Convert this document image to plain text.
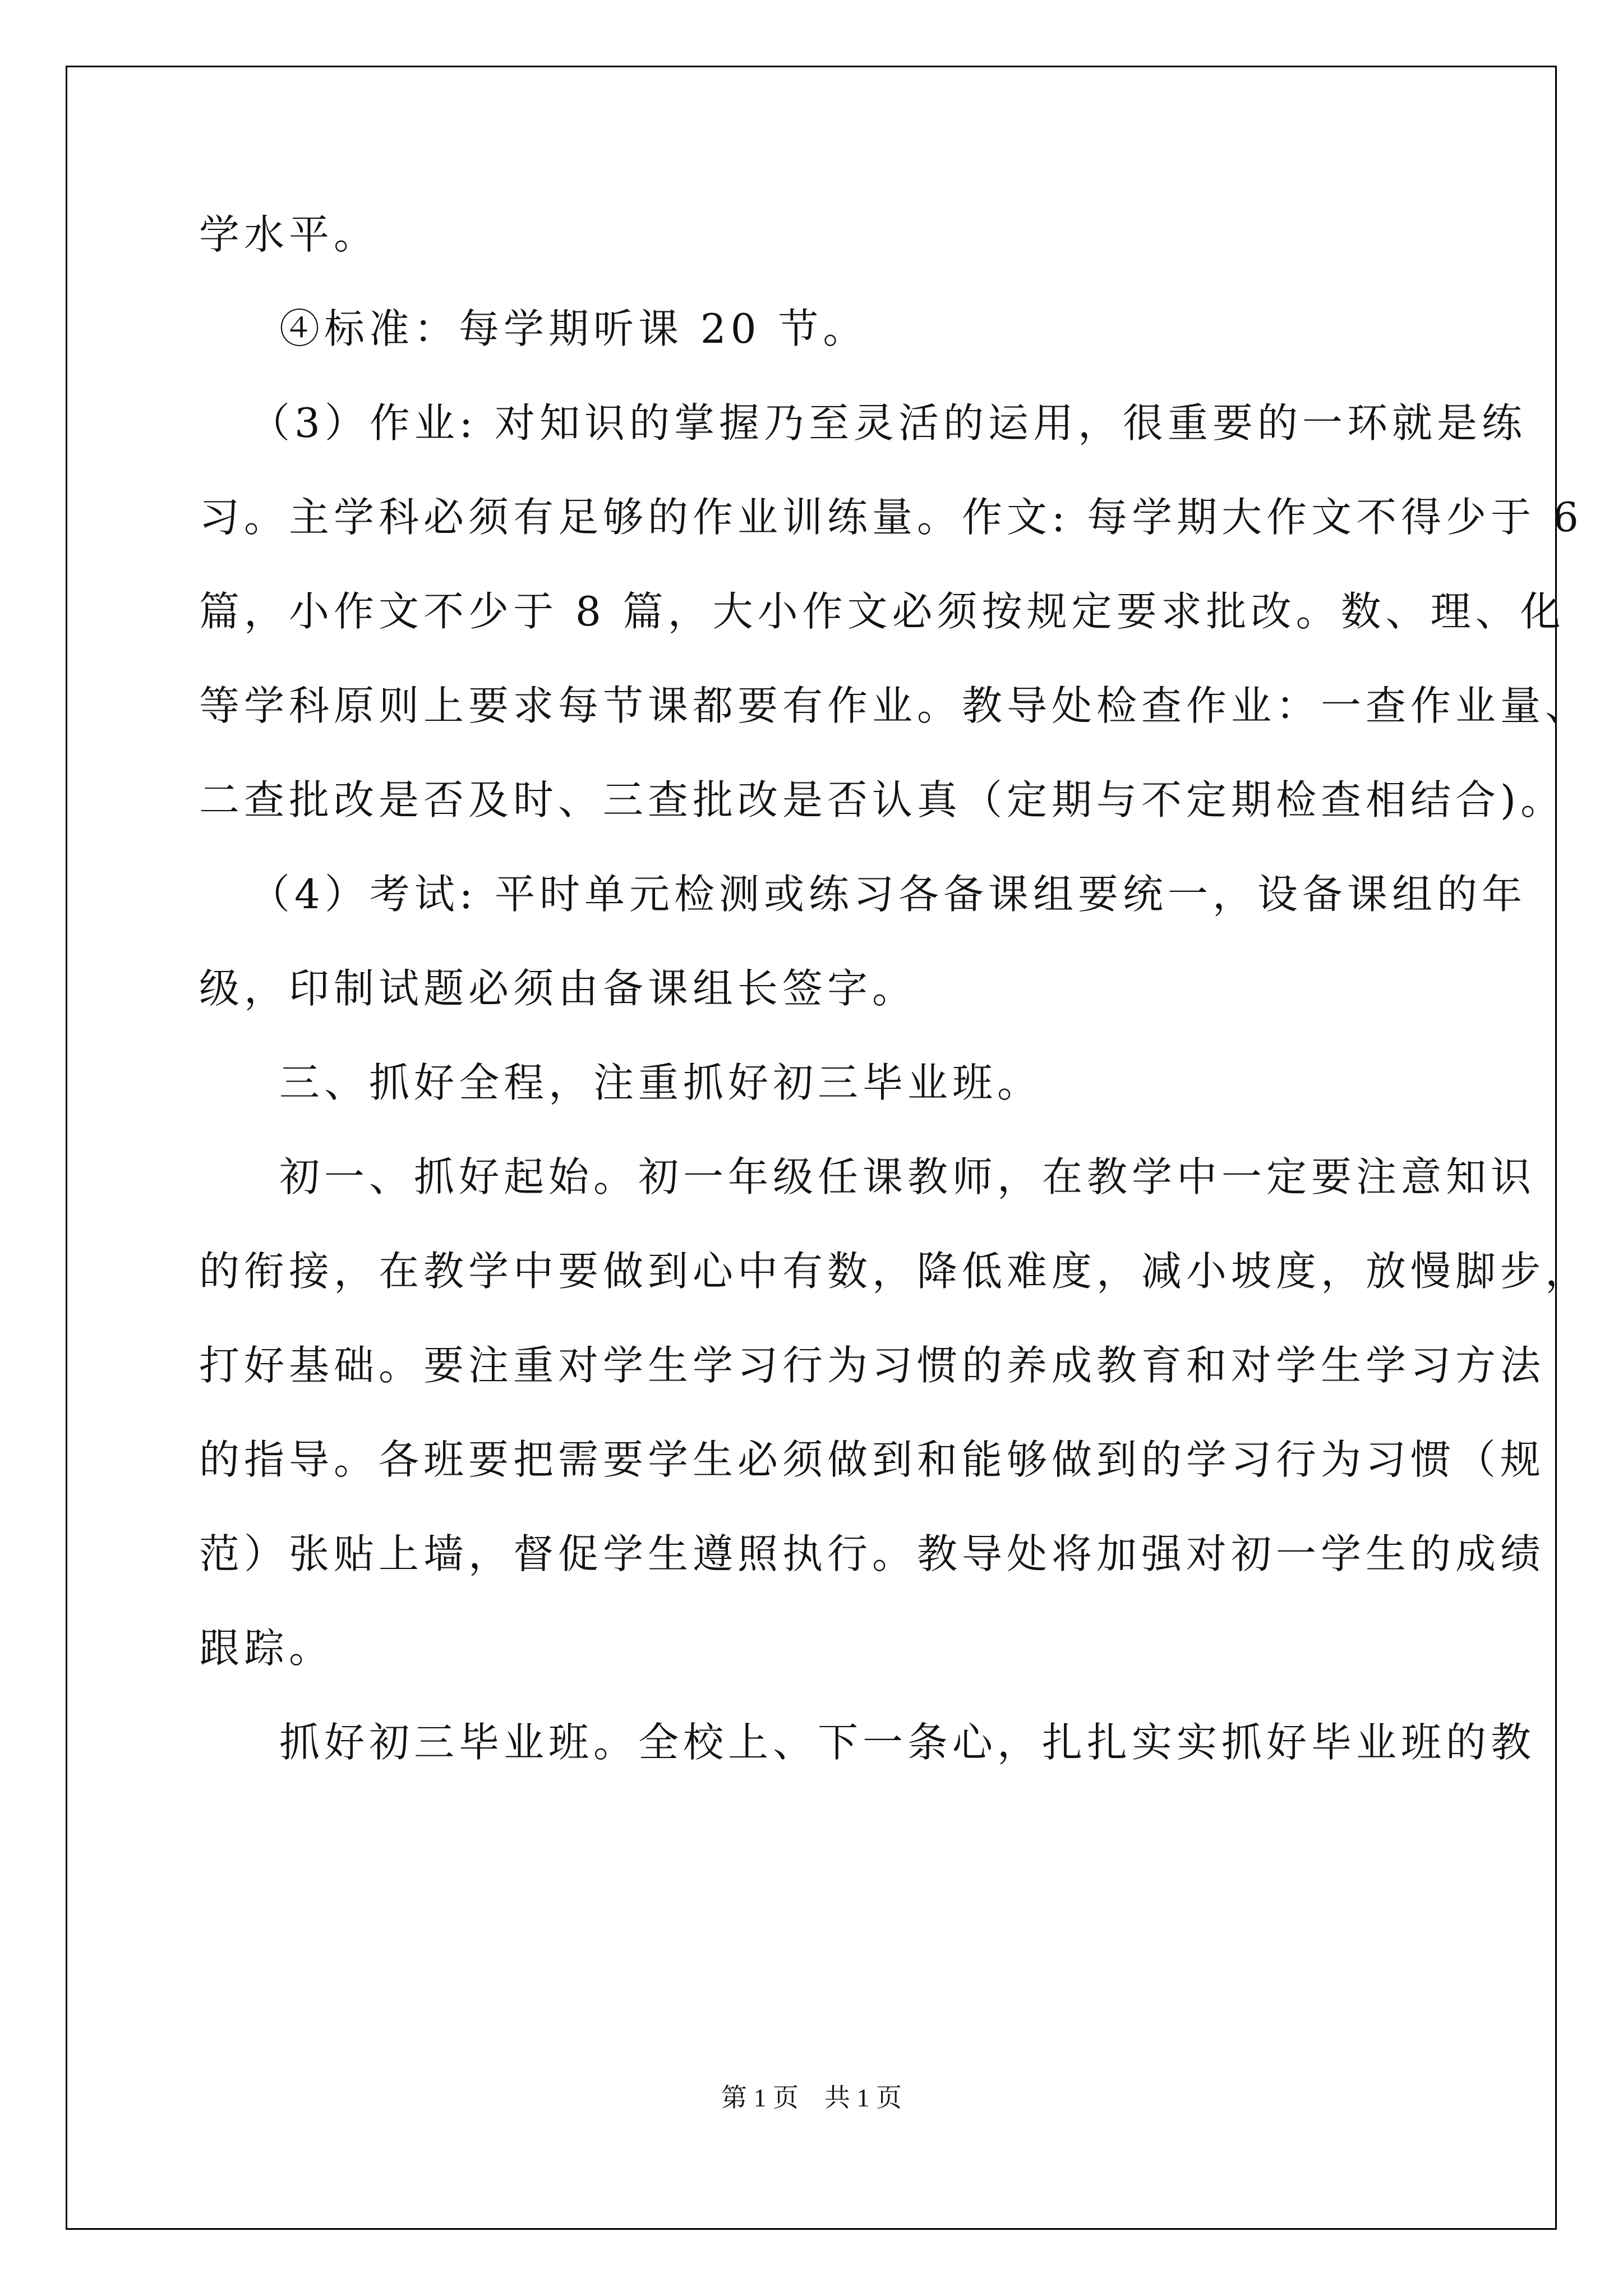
学水平。
④标准：每学期听课 20 节。
（3）作业: 对知识的掌握乃至灵活的运用，很重要的一环就是练
习。主学科必须有足够的作业训练量。作文: 每学期大作文不得少于 6
篇，小作文不少于 8 篇，大小作文必须按规定要求批改。数、理、化
等学科原则上要求每节课都要有作业。教导处检查作业：一查作业量、
二查批改是否及时、三查批改是否认真（定期与不定期检查相结合)。
（4）考试: 平时单元检测或练习各备课组要统一，设备课组的年
级，印制试题必须由备课组长签字。
三、抓好全程，注重抓好初三毕业班。
初一、抓好起始。初一年级任课教师，在教学中一定要注意知识
的衔接，在教学中要做到心中有数，降低难度，减小坡度，放慢脚步，
打好基础。要注重对学生学习行为习惯的养成教育和对学生学习方法
的指导。各班要把需要学生必须做到和能够做到的学习行为习惯（规
范）张贴上墙，督促学生遵照执行。教导处将加强对初一学生的成绩
跟踪。
抓好初三毕业班。全校上、下一条心，扎扎实实抓好毕业班的教
第 1 页　共 1 页
